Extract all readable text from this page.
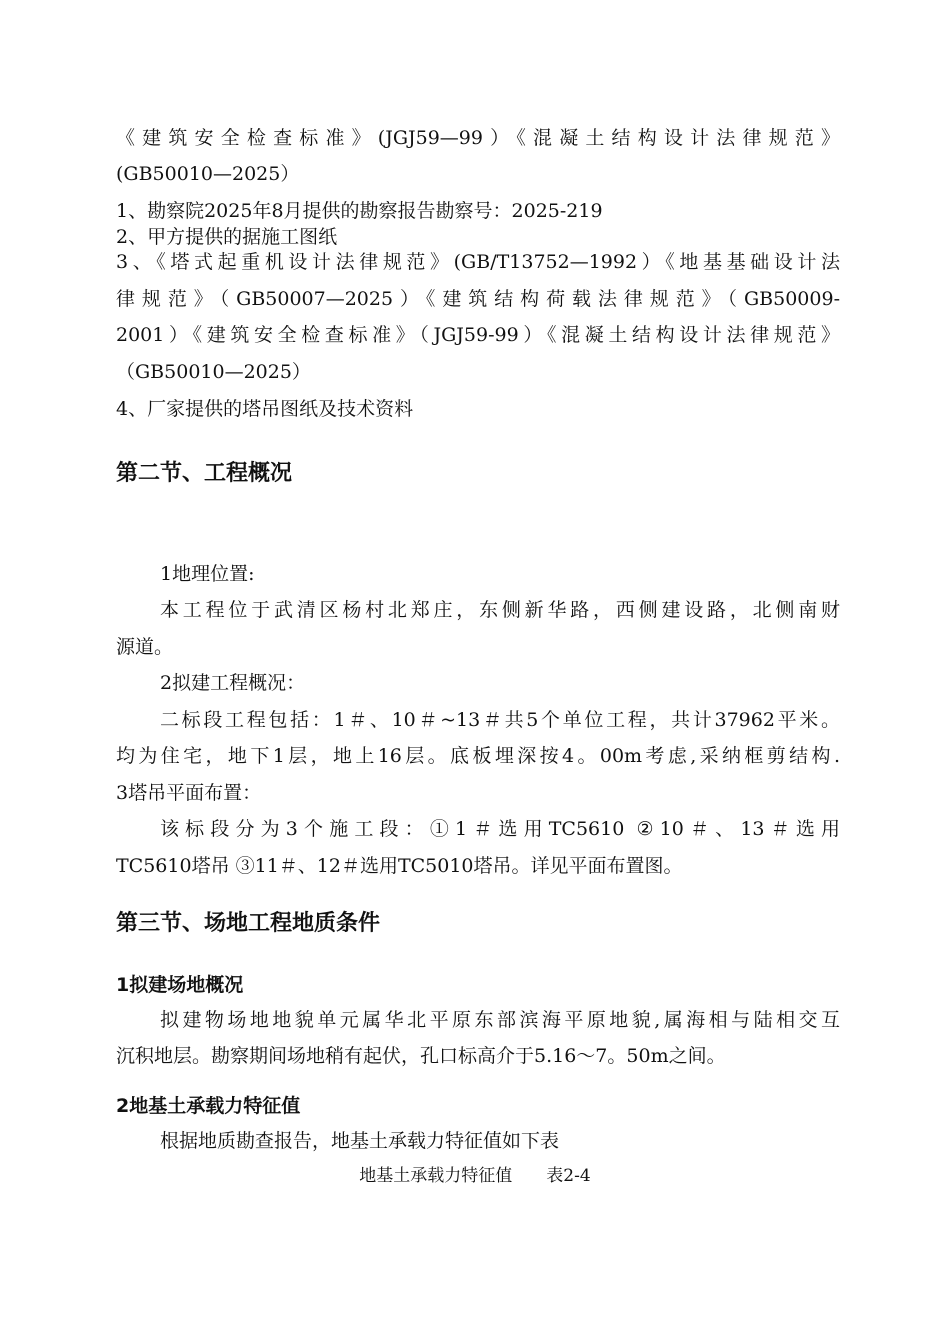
《建筑安全检查标准》(JGJ59—99）《混凝土结构设计法律规范》
(GB50010—2025）
1、勘察院2025年8月提供的勘察报告勘察号：2025-219
2、甲方提供的据施工图纸
3、《塔式起重机设计法律规范》(GB/T13752—1992）《地基基础设计法
律规范》（GB50007—2025）《建筑结构荷载法律规范》（GB50009-
2001）《建筑安全检查标准》（JGJ59-99）《混凝土结构设计法律规范》
（GB50010—2025）
4、厂家提供的塔吊图纸及技术资料
第二节、工程概况
1地理位置:
本工程位于武清区杨村北郑庄，东侧新华路，西侧建设路，北侧南财
源道。
2拟建工程概况：
二标段工程包括：1＃、10＃~13＃共5个单位工程，共计37962平米。
均为住宅，地下1层，地上16层。底板埋深按4。00m考虑,采纳框剪结构.
3塔吊平面布置：
该标段分为3个施工段：①1＃选用TC5610 ②10＃、13＃选用
TC5610塔吊 ③11＃、12＃选用TC5010塔吊。详见平面布置图。
第三节、场地工程地质条件
1拟建场地概况
拟建物场地地貌单元属华北平原东部滨海平原地貌,属海相与陆相交互
沉积地层。勘察期间场地稍有起伏，孔口标高介于5.16～7。50m之间。
2地基土承载力特征值
根据地质勘查报告，地基土承载力特征值如下表
地基土承载力特征值　　表2-4
